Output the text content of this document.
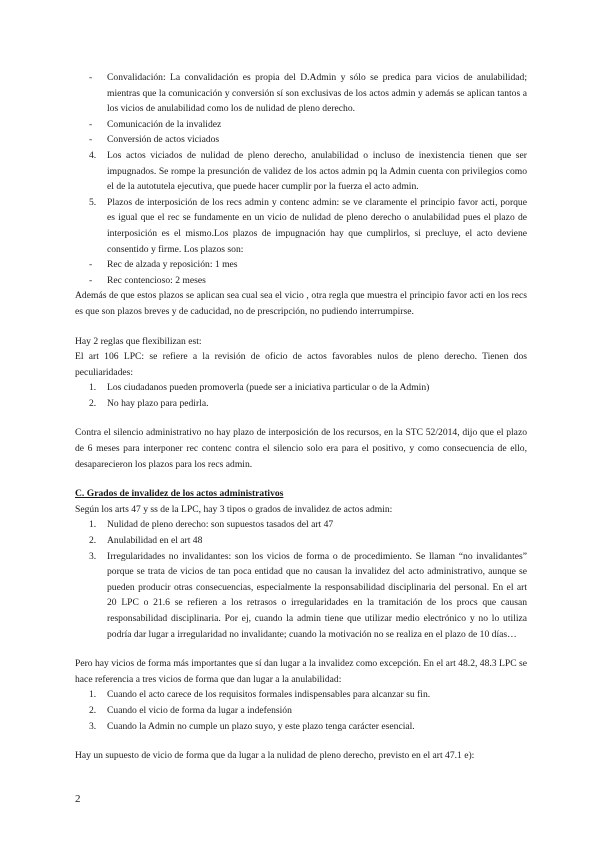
- Convalidación: La convalidación es propia del D.Admin y sólo se predica para vicios de anulabilidad; mientras que la comunicación y conversión sí son exclusivas de los actos admin y además se aplican tantos a los vicios de anulabilidad como los de nulidad de pleno derecho.
- Comunicación de la invalidez
- Conversión de actos viciados
4. Los actos viciados de nulidad de pleno derecho, anulabilidad o incluso de inexistencia tienen que ser impugnados. Se rompe la presunción de validez de los actos admin pq la Admin cuenta con privilegios como el de la autotutela ejecutiva, que puede hacer cumplir por la fuerza el acto admin.
5. Plazos de interposición de los recs admin y contenc admin: se ve claramente el principio favor acti, porque es igual que el rec se fundamente en un vicio de nulidad de pleno derecho o anulabilidad pues el plazo de interposición es el mismo.Los plazos de impugnación hay que cumplirlos, si precluye, el acto deviene consentido y firme. Los plazos son:
- Rec de alzada y reposición: 1 mes
- Rec contencioso: 2 meses

Además de que estos plazos se aplican sea cual sea el vicio , otra regla que muestra el principio favor acti en los recs es que son plazos breves y de caducidad, no de prescripción, no pudiendo interrumpirse.

Hay 2 reglas que flexibilizan est:

El art 106 LPC: se refiere a la revisión de oficio de actos favorables nulos de pleno derecho. Tienen dos peculiaridades:

1. Los ciudadanos pueden promoverla (puede ser a iniciativa particular o de la Admin)
2. No hay plazo para pedirla.

Contra el silencio administrativo no hay plazo de interposición de los recursos, en la STC 52/2014, dijo que el plazo de 6 meses para interponer rec contenc contra el silencio solo era para el positivo, y como consecuencia de ello, desaparecieron los plazos para los recs admin.

C. Grados de invalidez de los actos administrativos

Según los arts 47 y ss de la LPC, hay 3 tipos o grados de invalidez de actos admin:

1. Nulidad de pleno derecho: son supuestos tasados del art 47
2. Anulabilidad en el art 48
3. Irregularidades no invalidantes: son los vicios de forma o de procedimiento. Se llaman “no invalidantes” porque se trata de vicios de tan poca entidad que no causan la invalidez del acto administrativo, aunque se pueden producir otras consecuencias, especialmente la responsabilidad disciplinaria del personal. En el art 20 LPC o 21.6 se refieren a los retrasos o irregularidades en la tramitación de los procs que causan responsabilidad disciplinaria. Por ej, cuando la admin tiene que utilizar medio electrónico y no lo utiliza podría dar lugar a irregularidad no invalidante; cuando la motivación no se realiza en el plazo de 10 días…

Pero hay vicios de forma más importantes que sí dan lugar a la invalidez como excepción. En el art 48.2, 48.3 LPC se hace referencia a tres vicios de forma que dan lugar a la anulabilidad:

1. Cuando el acto carece de los requisitos formales indispensables para alcanzar su fin.
2. Cuando el vicio de forma da lugar a indefensión
3. Cuando la Admin no cumple un plazo suyo, y este plazo tenga carácter esencial.

Hay un supuesto de vicio de forma que da lugar a la nulidad de pleno derecho, previsto en el art 47.1 e):

2
